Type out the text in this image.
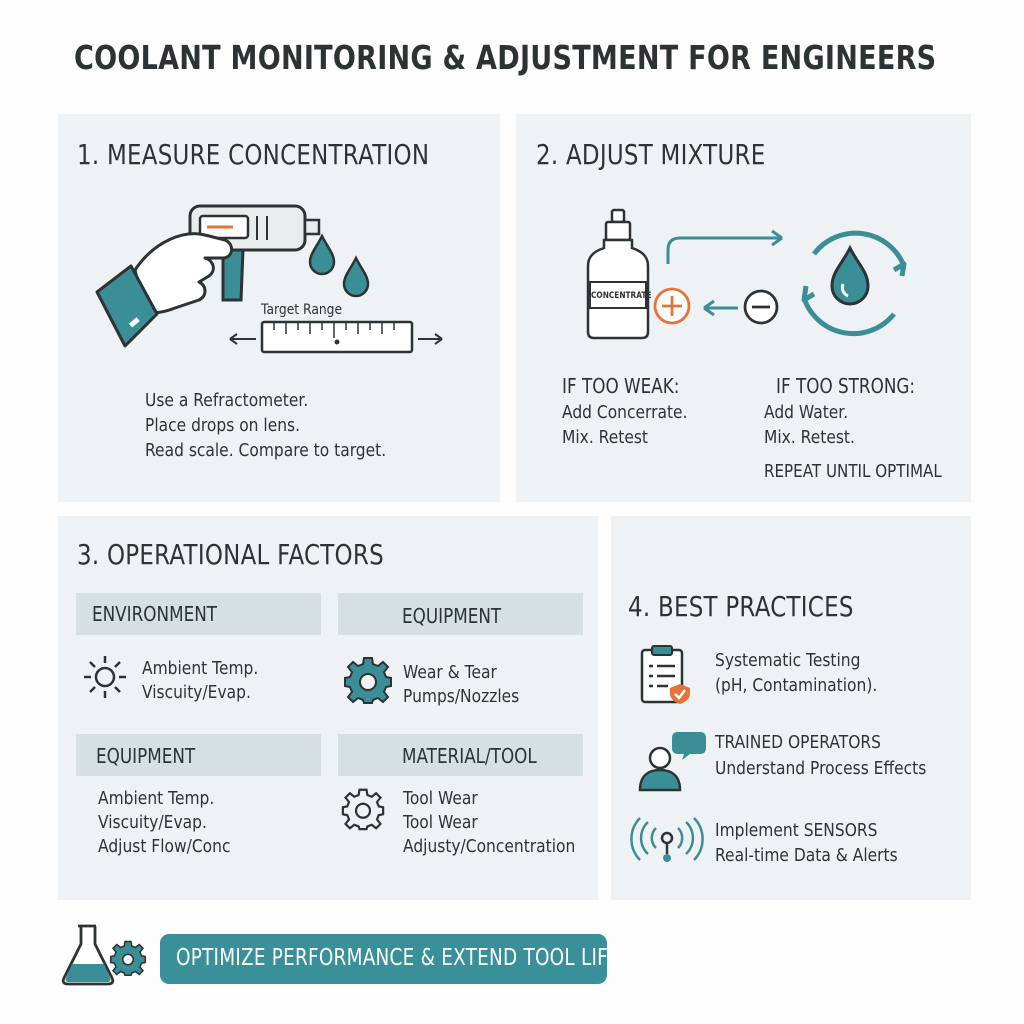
COOLANT MONITORING & ADJUSTMENT FOR ENGINEERS
1. MEASURE CONCENTRATION
Target Range
Use a Refractometer.
Place drops on lens.
Read scale. Compare to target.
2. ADJUST MIXTURE
CONCENTRATE
IF TOO WEAK:
Add Concerrate.
Mix. Retest
IF TOO STRONG:
Add Water.
Mix. Retest.
REPEAT UNTIL OPTIMAL
3. OPERATIONAL FACTORS
ENVIRONMENT	EQUIPMENT
Ambient Temp.
Viscuity/Evap.
Wear & Tear
Pumps/Nozzles
EQUIPMENT	MATERIAL/TOOL
Ambient Temp.
Viscuity/Evap.
Adjust Flow/Conc
Tool Wear
Tool Wear
Adjusty/Concentration
4. BEST PRACTICES
Systematic Testing
(pH, Contamination).
TRAINED OPERATORS
Understand Process Effects
Implement SENSORS
Real-time Data & Alerts
OPTIMIZE PERFORMANCE & EXTEND TOOL LIFE
